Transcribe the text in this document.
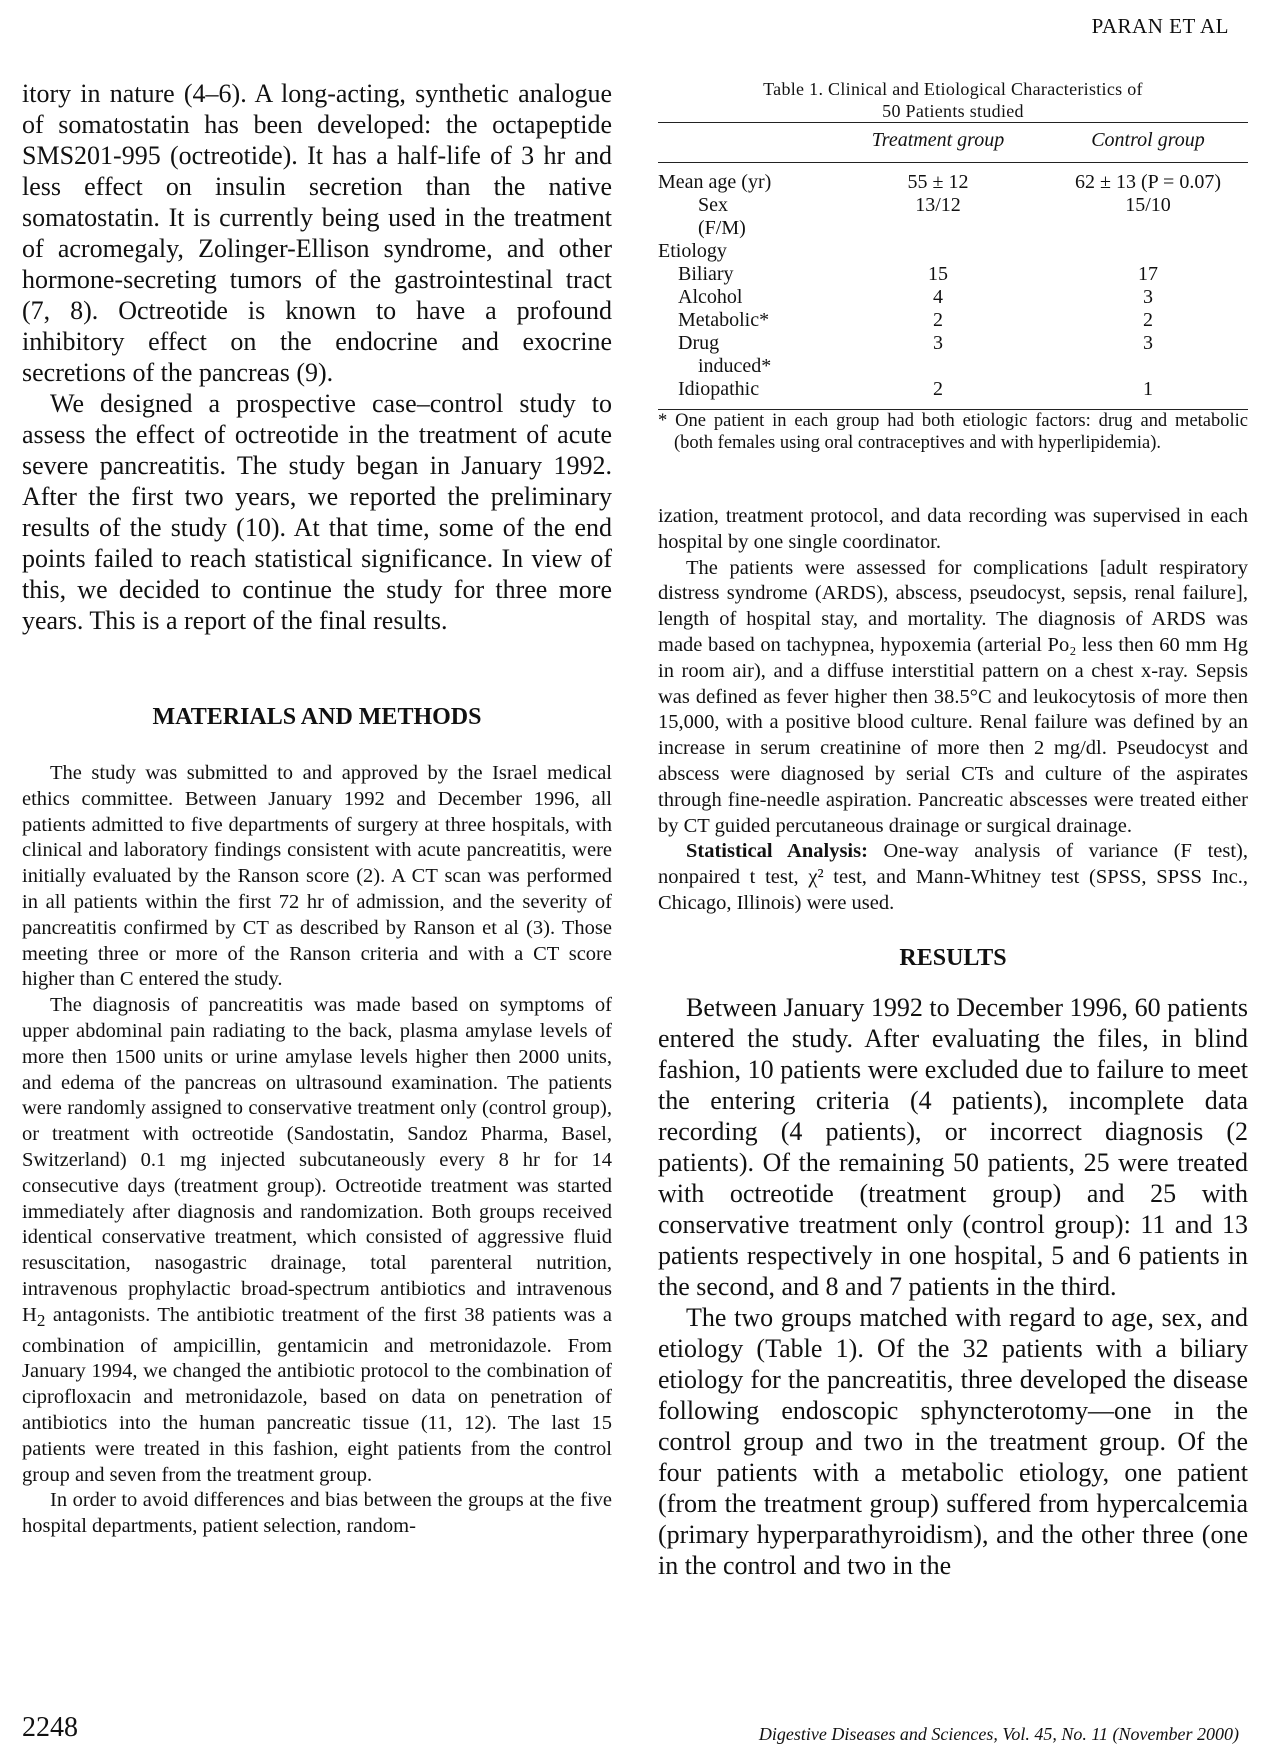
PARAN ET AL

itory in nature (4–6). A long-acting, synthetic analogue of somatostatin has been developed: the octapeptide SMS201-995 (octreotide). It has a half-life of 3 hr and less effect on insulin secretion than the native somatostatin. It is currently being used in the treatment of acromegaly, Zolinger-Ellison syndrome, and other hormone-secreting tumors of the gastrointestinal tract (7, 8). Octreotide is known to have a profound inhibitory effect on the endocrine and exocrine secretions of the pancreas (9).

We designed a prospective case–control study to assess the effect of octreotide in the treatment of acute severe pancreatitis. The study began in January 1992. After the first two years, we reported the preliminary results of the study (10). At that time, some of the end points failed to reach statistical significance. In view of this, we decided to continue the study for three more years. This is a report of the final results.

MATERIALS AND METHODS

The study was submitted to and approved by the Israel medical ethics committee. Between January 1992 and December 1996, all patients admitted to five departments of surgery at three hospitals, with clinical and laboratory findings consistent with acute pancreatitis, were initially evaluated by the Ranson score (2). A CT scan was performed in all patients within the first 72 hr of admission, and the severity of pancreatitis confirmed by CT as described by Ranson et al (3). Those meeting three or more of the Ranson criteria and with a CT score higher than C entered the study.

The diagnosis of pancreatitis was made based on symptoms of upper abdominal pain radiating to the back, plasma amylase levels of more then 1500 units or urine amylase levels higher then 2000 units, and edema of the pancreas on ultrasound examination. The patients were randomly assigned to conservative treatment only (control group), or treatment with octreotide (Sandostatin, Sandoz Pharma, Basel, Switzerland) 0.1 mg injected subcutaneously every 8 hr for 14 consecutive days (treatment group). Octreotide treatment was started immediately after diagnosis and randomization. Both groups received identical conservative treatment, which consisted of aggressive fluid resuscitation, nasogastric drainage, total parenteral nutrition, intravenous prophylactic broad-spectrum antibiotics and intravenous $H_2$ antagonists. The antibiotic treatment of the first 38 patients was a combination of ampicillin, gentamicin and metronidazole. From January 1994, we changed the antibiotic protocol to the combination of ciprofloxacin and metronidazole, based on data on penetration of antibiotics into the human pancreatic tissue (11, 12). The last 15 patients were treated in this fashion, eight patients from the control group and seven from the treatment group.

In order to avoid differences and bias between the groups at the five hospital departments, patient selection, random-

Table 1. Clinical and Etiological Characteristics of
50 Patients studied

	Treatment group	Control group
Mean age (yr)	55 ± 12	62 ± 13 (P = 0.07)
Sex	13/12	15/10
(F/M)		
Etiology		
Biliary	15	17
Alcohol	4	3
Metabolic*	2	2
Drug	3	3
induced*		
Idiopathic	2	1

* One patient in each group had both etiologic factors: drug and metabolic (both females using oral contraceptives and with hyperlipidemia).

ization, treatment protocol, and data recording was supervised in each hospital by one single coordinator.

The patients were assessed for complications [adult respiratory distress syndrome (ARDS), abscess, pseudocyst, sepsis, renal failure], length of hospital stay, and mortality. The diagnosis of ARDS was made based on tachypnea, hypoxemia (arterial Po₂ less then 60 mm Hg in room air), and a diffuse interstitial pattern on a chest x-ray. Sepsis was defined as fever higher then 38.5°C and leukocytosis of more then 15,000, with a positive blood culture. Renal failure was defined by an increase in serum creatinine of more then 2 mg/dl. Pseudocyst and abscess were diagnosed by serial CTs and culture of the aspirates through fine-needle aspiration. Pancreatic abscesses were treated either by CT guided percutaneous drainage or surgical drainage.

Statistical Analysis: One-way analysis of variance (F test), nonpaired t test, χ² test, and Mann-Whitney test (SPSS, SPSS Inc., Chicago, Illinois) were used.

RESULTS

Between January 1992 to December 1996, 60 patients entered the study. After evaluating the files, in blind fashion, 10 patients were excluded due to failure to meet the entering criteria (4 patients), incomplete data recording (4 patients), or incorrect diagnosis (2 patients). Of the remaining 50 patients, 25 were treated with octreotide (treatment group) and 25 with conservative treatment only (control group): 11 and 13 patients respectively in one hospital, 5 and 6 patients in the second, and 8 and 7 patients in the third.

The two groups matched with regard to age, sex, and etiology (Table 1). Of the 32 patients with a biliary etiology for the pancreatitis, three developed the disease following endoscopic sphyncterotomy—one in the control group and two in the treatment group. Of the four patients with a metabolic etiology, one patient (from the treatment group) suffered from hypercalcemia (primary hyperparathyroidism), and the other three (one in the control and two in the

2248	Digestive Diseases and Sciences, Vol. 45, No. 11 (November 2000)
